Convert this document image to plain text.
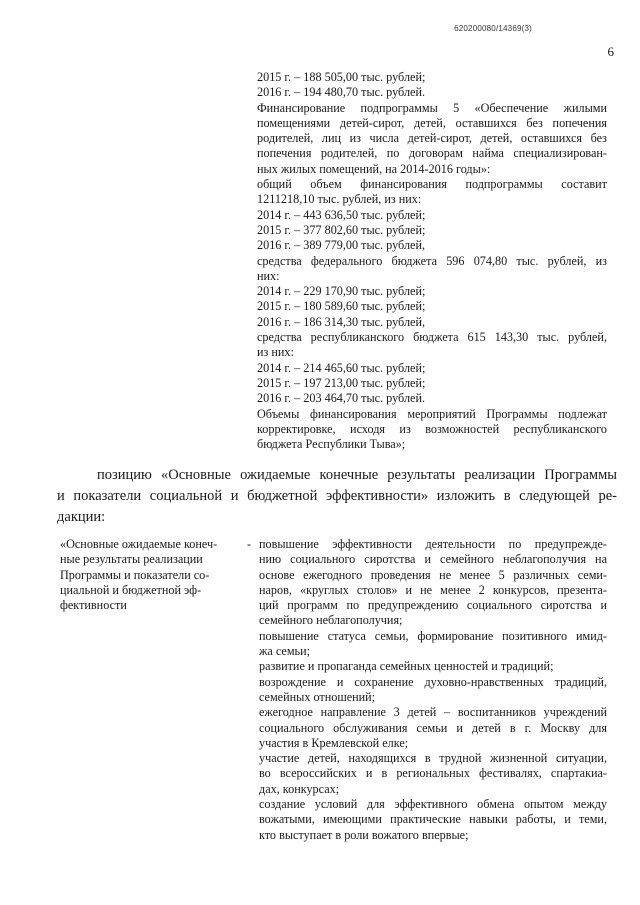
620200080/14369(3)
6
2015 г. – 188 505,00 тыс. рублей;
2016 г. – 194 480,70 тыс. рублей.
Финансирование подпрограммы 5 «Обеспечение жилыми
помещениями детей-сирот, детей, оставшихся без попечения
родителей, лиц из числа детей-сирот, детей, оставшихся без
попечения родителей, по договорам найма специализирован-
ных жилых помещений, на 2014-2016 годы»:
общий объем финансирования подпрограммы составит
1211218,10 тыс. рублей, из них:
2014 г. – 443 636,50 тыс. рублей;
2015 г. – 377 802,60 тыс. рублей;
2016 г. – 389 779,00 тыс. рублей,
средства федерального бюджета 596 074,80 тыс. рублей, из
них:
2014 г. – 229 170,90 тыс. рублей;
2015 г. – 180 589,60 тыс. рублей;
2016 г. – 186 314,30 тыс. рублей,
средства республиканского бюджета 615 143,30 тыс. рублей,
из них:
2014 г. – 214 465,60 тыс. рублей;
2015 г. – 197 213,00 тыс. рублей;
2016 г. – 203 464,70 тыс. рублей.
Объемы финансирования мероприятий Программы подлежат
корректировке, исходя из возможностей республиканского
бюджета Республики Тыва»;
позицию «Основные ожидаемые конечные результаты реализации Программы
и показатели социальной и бюджетной эффективности» изложить в следующей ре-
дакции:
«Основные ожидаемые конеч-
ные результаты реализации
Программы и показатели со-
циальной и бюджетной эф-
фективности
- повышение эффективности деятельности по предупрежде-
нию социального сиротства и семейного неблагополучия на
основе ежегодного проведения не менее 5 различных семи-
наров, «круглых столов» и не менее 2 конкурсов, презента-
ций программ по предупреждению социального сиротства и
семейного неблагополучия;
повышение статуса семьи, формирование позитивного имид-
жа семьи;
развитие и пропаганда семейных ценностей и традиций;
возрождение и сохранение духовно-нравственных традиций,
семейных отношений;
ежегодное направление 3 детей – воспитанников учреждений
социального обслуживания семьи и детей в г. Москву для
участия в Кремлевской елке;
участие детей, находящихся в трудной жизненной ситуации,
во всероссийских и в региональных фестивалях, спартакиа-
дах, конкурсах;
создание условий для эффективного обмена опытом между
вожатыми, имеющими практические навыки работы, и теми,
кто выступает в роли вожатого впервые;
